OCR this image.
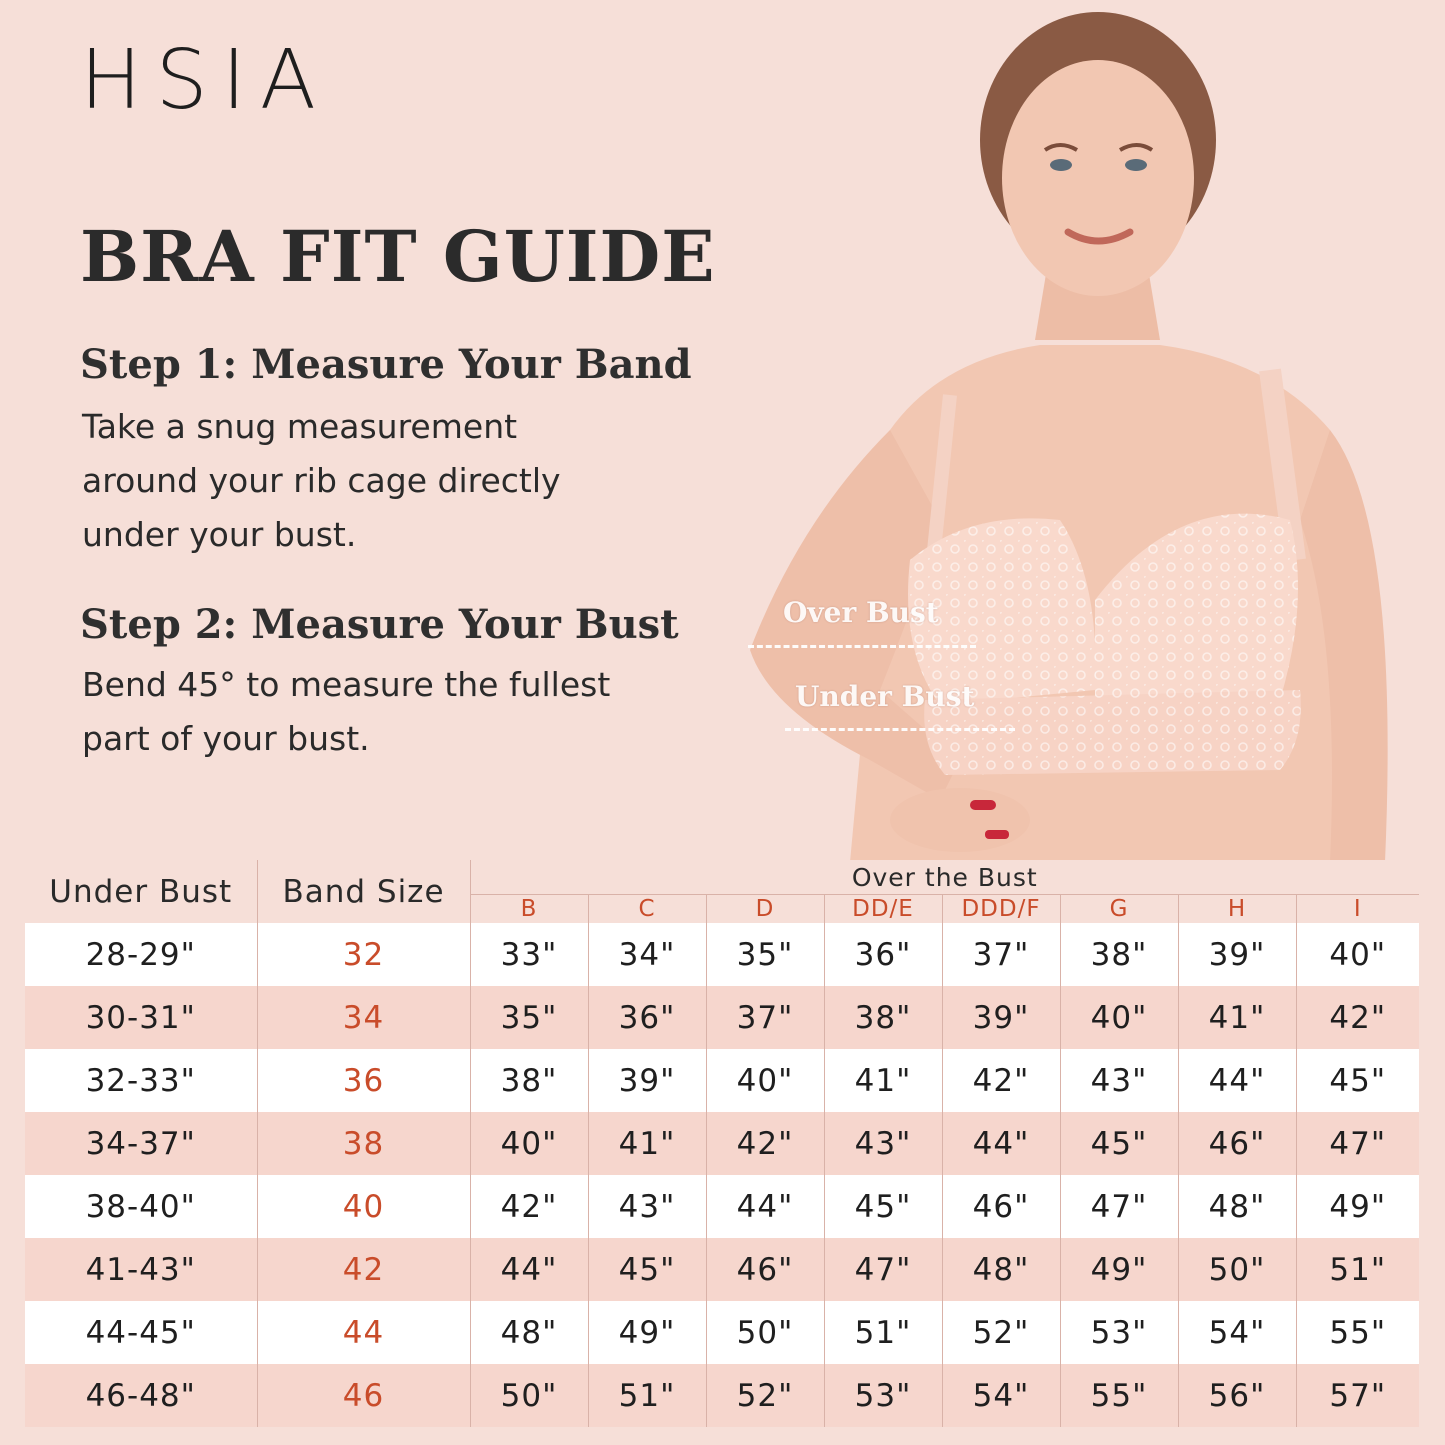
HSIA
BRA FIT GUIDE
Step 1: Measure Your Band
Take a snug measurement around your rib cage directly under your bust.
Step 2: Measure Your Bust
Bend 45° to measure the fullest part of your bust.
Over Bust
Under Bust
Under Bust	Band Size	Over the Bust							
		B	C	D	DD/E	DDD/F	G	H	I
28-29"	32	33"	34"	35"	36"	37"	38"	39"	40"
30-31"	34	35"	36"	37"	38"	39"	40"	41"	42"
32-33"	36	38"	39"	40"	41"	42"	43"	44"	45"
34-37"	38	40"	41"	42"	43"	44"	45"	46"	47"
38-40"	40	42"	43"	44"	45"	46"	47"	48"	49"
41-43"	42	44"	45"	46"	47"	48"	49"	50"	51"
44-45"	44	48"	49"	50"	51"	52"	53"	54"	55"
46-48"	46	50"	51"	52"	53"	54"	55"	56"	57"
